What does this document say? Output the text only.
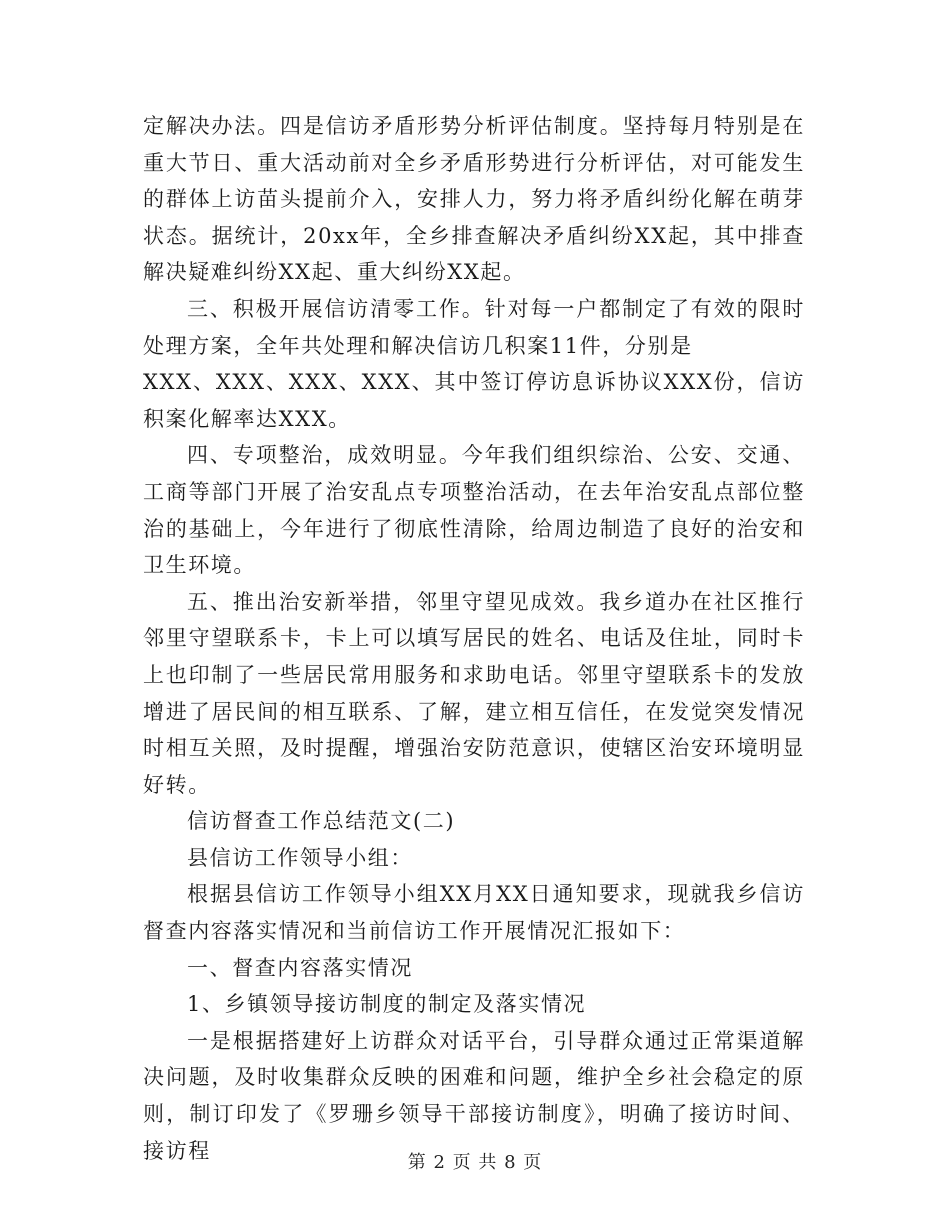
定解决办法。四是信访矛盾形势分析评估制度。坚持每月特别是在重大节日、重大活动前对全乡矛盾形势进行分析评估，对可能发生的群体上访苗头提前介入，安排人力，努力将矛盾纠纷化解在萌芽状态。据统计，20xx年，全乡排查解决矛盾纠纷XX起，其中排查解决疑难纠纷XX起、重大纠纷XX起。

三、积极开展信访清零工作。针对每一户都制定了有效的限时处理方案，全年共处理和解决信访几积案11件，分别是

XXX、XXX、XXX、XXX、其中签订停访息诉协议XXX份，信访积案化解率达XXX。

四、专项整治，成效明显。今年我们组织综治、公安、交通、工商等部门开展了治安乱点专项整治活动，在去年治安乱点部位整治的基础上，今年进行了彻底性清除，给周边制造了良好的治安和卫生环境。

五、推出治安新举措，邻里守望见成效。我乡道办在社区推行邻里守望联系卡，卡上可以填写居民的姓名、电话及住址，同时卡上也印制了一些居民常用服务和求助电话。邻里守望联系卡的发放增进了居民间的相互联系、了解，建立相互信任，在发觉突发情况时相互关照，及时提醒，增强治安防范意识，使辖区治安环境明显好转。

信访督查工作总结范文(二)

县信访工作领导小组：

根据县信访工作领导小组XX月XX日通知要求，现就我乡信访督查内容落实情况和当前信访工作开展情况汇报如下：

一、督查内容落实情况

1、乡镇领导接访制度的制定及落实情况

一是根据搭建好上访群众对话平台，引导群众通过正常渠道解决问题，及时收集群众反映的困难和问题，维护全乡社会稳定的原则，制订印发了《罗珊乡领导干部接访制度》，明确了接访时间、接访程	第 2 页 共 8 页
